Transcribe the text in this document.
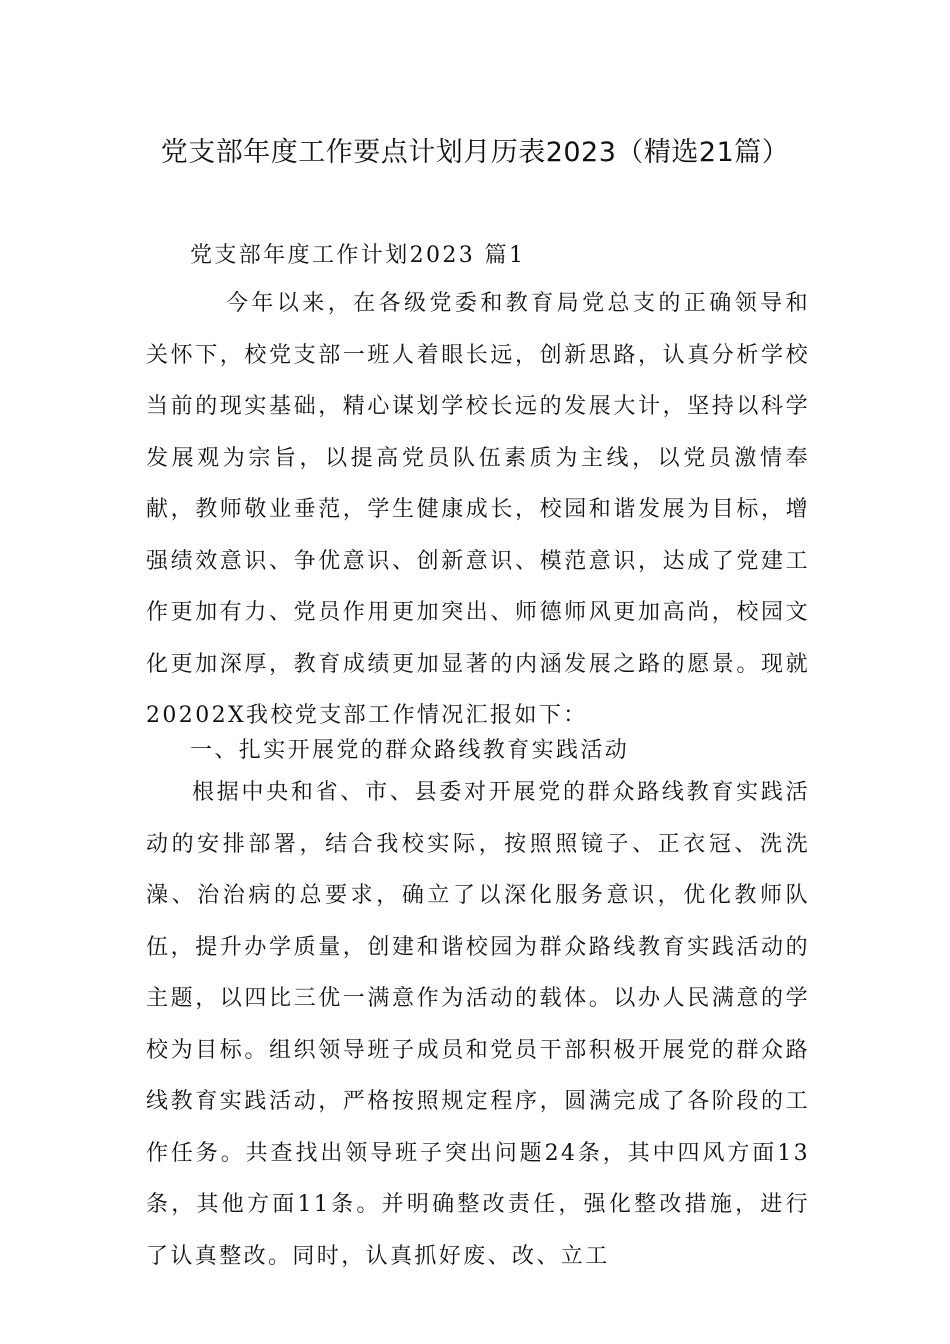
党支部年度工作要点计划月历表2023（精选21篇）

党支部年度工作计划2023 篇1

今年以来，在各级党委和教育局党总支的正确领导和关怀下，校党支部一班人着眼长远，创新思路，认真分析学校当前的现实基础，精心谋划学校长远的发展大计，坚持以科学发展观为宗旨，以提高党员队伍素质为主线，以党员激情奉献，教师敬业垂范，学生健康成长，校园和谐发展为目标，增强绩效意识、争优意识、创新意识、模范意识，达成了党建工作更加有力、党员作用更加突出、师德师风更加高尚，校园文化更加深厚，教育成绩更加显著的内涵发展之路的愿景。现就20202X我校党支部工作情况汇报如下：

一、扎实开展党的群众路线教育实践活动

根据中央和省、市、县委对开展党的群众路线教育实践活动的安排部署，结合我校实际，按照照镜子、正衣冠、洗洗澡、治治病的总要求，确立了以深化服务意识，优化教师队伍，提升办学质量，创建和谐校园为群众路线教育实践活动的主题，以四比三优一满意作为活动的载体。以办人民满意的学校为目标。组织领导班子成员和党员干部积极开展党的群众路线教育实践活动，严格按照规定程序，圆满完成了各阶段的工作任务。共查找出领导班子突出问题24条，其中四风方面13条，其他方面11条。并明确整改责任，强化整改措施，进行了认真整改。同时，认真抓好废、改、立工
